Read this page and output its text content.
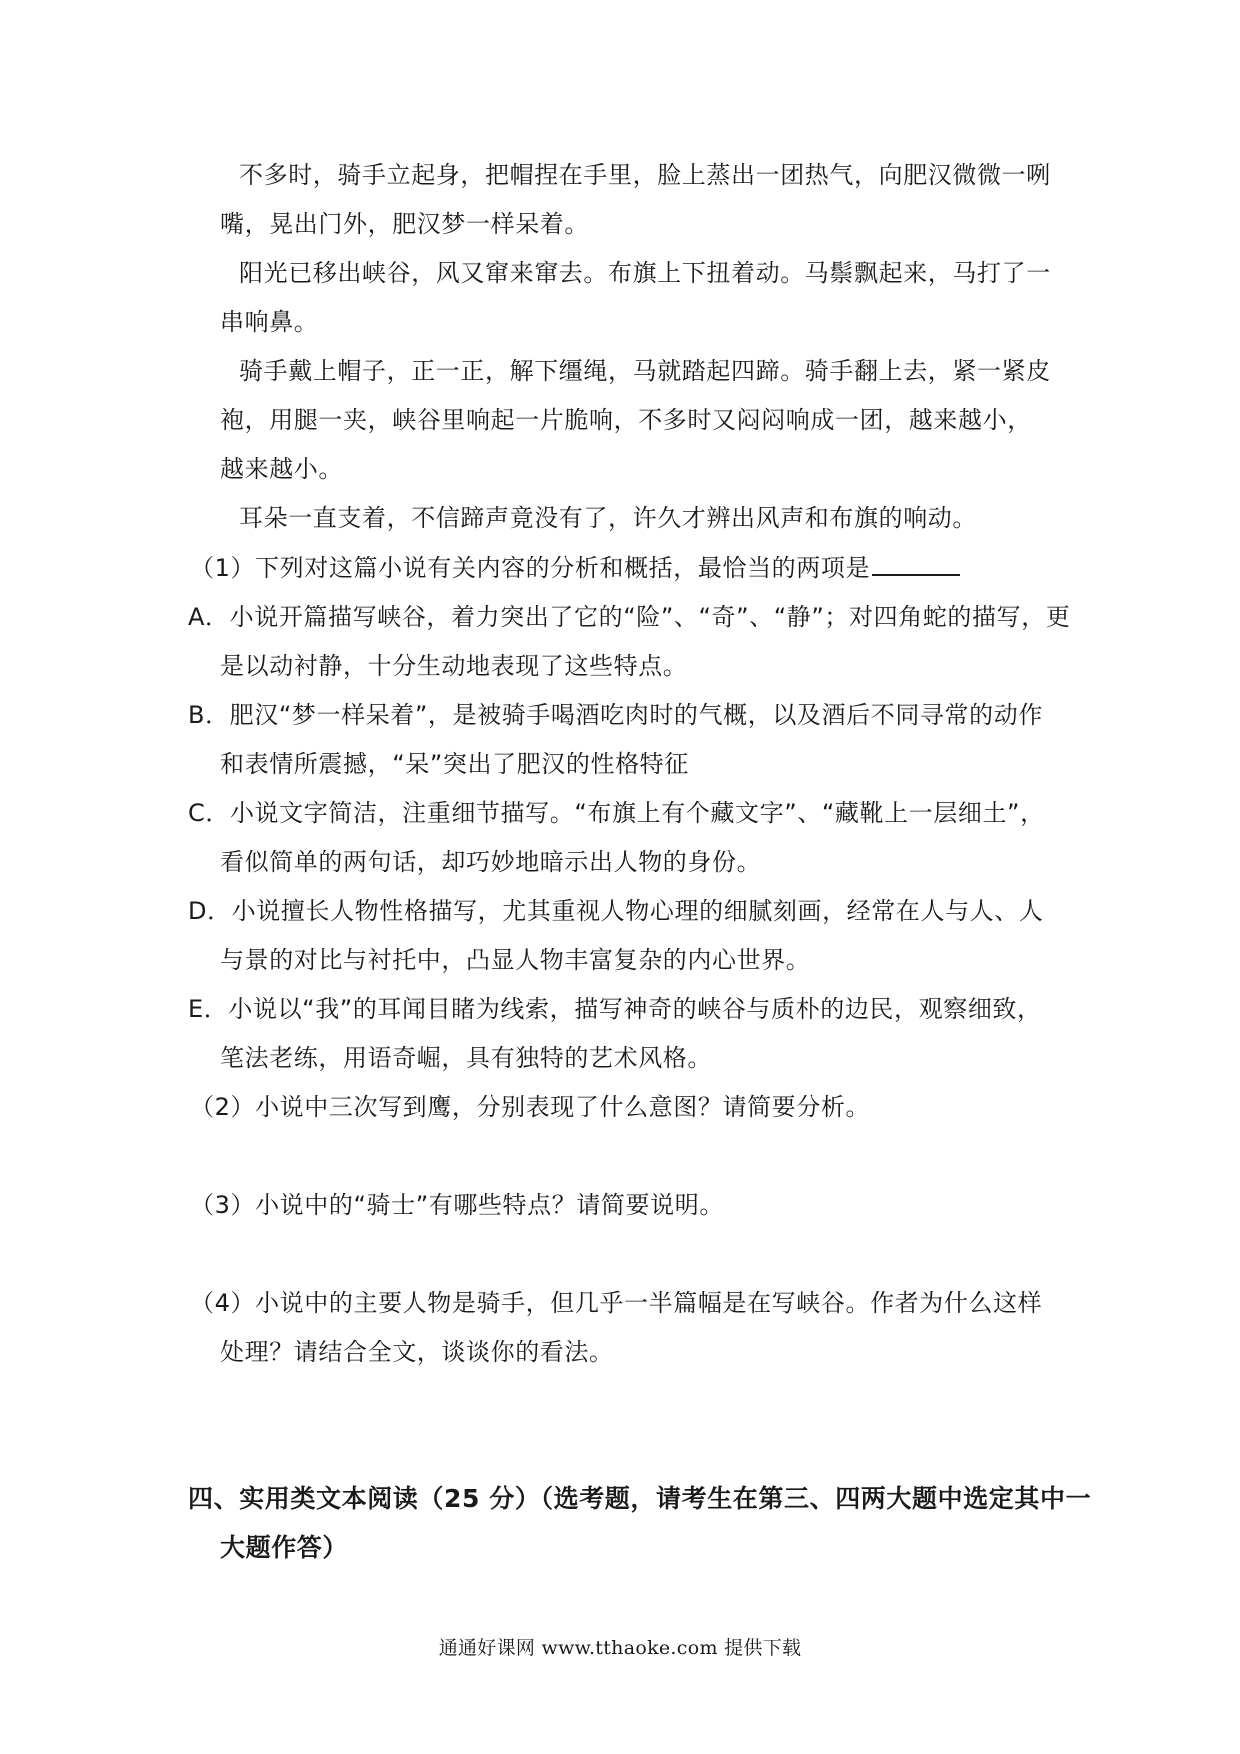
不多时，骑手立起身，把帽捏在手里，脸上蒸出一团热气，向肥汉微微一咧
嘴，晃出门外，肥汉梦一样呆着。
阳光已移出峡谷，风又窜来窜去。布旗上下扭着动。马鬃飘起来，马打了一
串响鼻。
骑手戴上帽子，正一正，解下缰绳，马就踏起四蹄。骑手翻上去，紧一紧皮
袍，用腿一夹，峡谷里响起一片脆响，不多时又闷闷响成一团，越来越小，
越来越小。
耳朵一直支着，不信蹄声竟没有了，许久才辨出风声和布旗的响动。
（1）下列对这篇小说有关内容的分析和概括，最恰当的两项是
A．小说开篇描写峡谷，着力突出了它的“险”、“奇”、“静”；对四角蛇的描写，更
是以动衬静，十分生动地表现了这些特点。
B．肥汉“梦一样呆着”，是被骑手喝酒吃肉时的气概，以及酒后不同寻常的动作
和表情所震撼，“呆”突出了肥汉的性格特征
C．小说文字简洁，注重细节描写。“布旗上有个藏文字”、“藏靴上一层细土”，
看似简单的两句话，却巧妙地暗示出人物的身份。
D．小说擅长人物性格描写，尤其重视人物心理的细腻刻画，经常在人与人、人
与景的对比与衬托中，凸显人物丰富复杂的内心世界。
E．小说以“我”的耳闻目睹为线索，描写神奇的峡谷与质朴的边民，观察细致，
笔法老练，用语奇崛，具有独特的艺术风格。
（2）小说中三次写到鹰，分别表现了什么意图？请简要分析。
（3）小说中的“骑士”有哪些特点？请简要说明。
（4）小说中的主要人物是骑手，但几乎一半篇幅是在写峡谷。作者为什么这样
处理？请结合全文，谈谈你的看法。
四、实用类文本阅读（25 分）（选考题，请考生在第三、四两大题中选定其中一
大题作答）
通通好课网 www.tthaoke.com 提供下载
